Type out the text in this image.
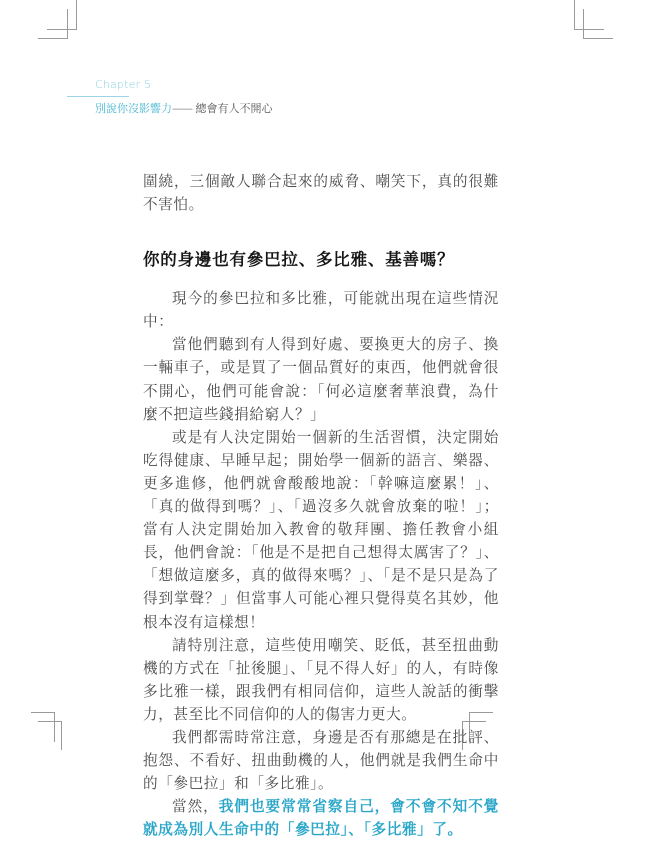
Chapter 5
別說你沒影響力—— 總會有人不開心

圍繞，三個敵人聯合起來的威脅、嘲笑下，真的很難不害怕。

你的身邊也有參巴拉、多比雅、基善嗎？

現今的參巴拉和多比雅，可能就出現在這些情況中：

當他們聽到有人得到好處、要換更大的房子、換一輛車子，或是買了一個品質好的東西，他們就會很不開心，他們可能會說：「何必這麼奢華浪費，為什麼不把這些錢捐給窮人？」

或是有人決定開始一個新的生活習慣，決定開始吃得健康、早睡早起；開始學一個新的語言、樂器、更多進修，他們就會酸酸地說：「幹嘛這麼累！」、「真的做得到嗎？」、「過沒多久就會放棄的啦！」；當有人決定開始加入教會的敬拜團、擔任教會小組長，他們會說：「他是不是把自己想得太厲害了？」、「想做這麼多，真的做得來嗎？」、「是不是只是為了得到掌聲？」但當事人可能心裡只覺得莫名其妙，他根本沒有這樣想！

請特別注意，這些使用嘲笑、貶低，甚至扭曲動機的方式在「扯後腿」、「見不得人好」的人，有時像多比雅一樣，跟我們有相同信仰，這些人說話的衝擊力，甚至比不同信仰的人的傷害力更大。

我們都需時常注意，身邊是否有那總是在批評、抱怨、不看好、扭曲動機的人，他們就是我們生命中的「參巴拉」和「多比雅」。

當然，我們也要常常省察自己，會不會不知不覺就成為別人生命中的「參巴拉」、「多比雅」了。
